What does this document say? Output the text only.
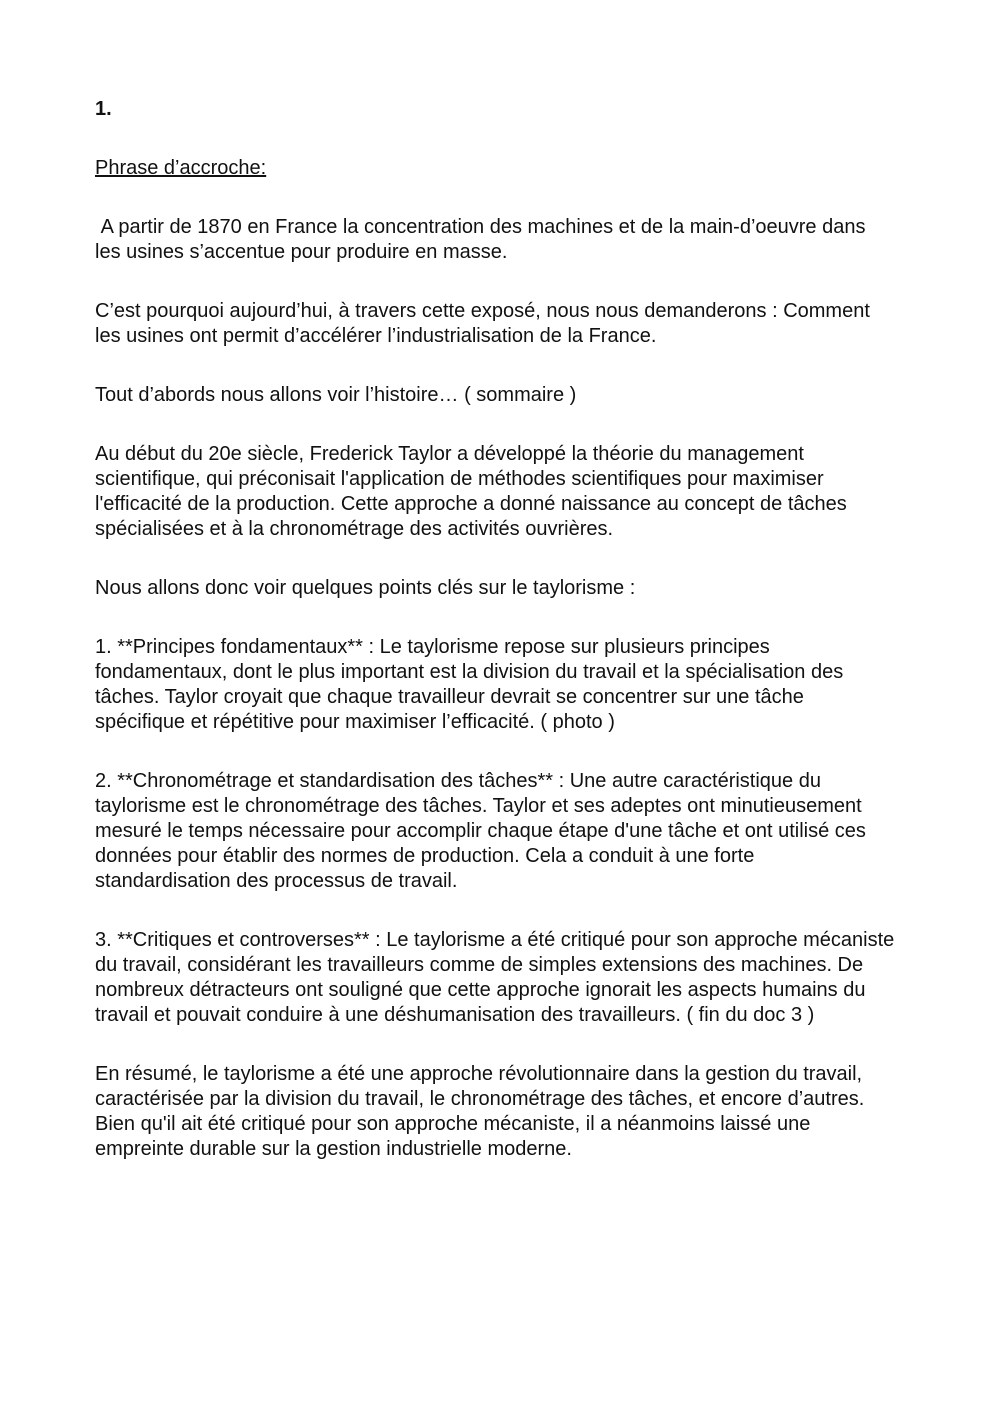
1.
Phrase d’accroche:

A partir de 1870 en France la concentration des machines et de la main-d’oeuvre dans les usines s’accentue pour produire en masse.

C’est pourquoi aujourd’hui, à travers cette exposé, nous nous demanderons : Comment les usines ont permit d’accélérer l’industrialisation de la France.

Tout d’abords nous allons voir l’histoire… ( sommaire )

Au début du 20e siècle, Frederick Taylor a développé la théorie du management scientifique, qui préconisait l'application de méthodes scientifiques pour maximiser l'efficacité de la production. Cette approche a donné naissance au concept de tâches spécialisées et à la chronométrage des activités ouvrières.

Nous allons donc voir quelques points clés sur le taylorisme :

1. **Principes fondamentaux** : Le taylorisme repose sur plusieurs principes fondamentaux, dont le plus important est la division du travail et la spécialisation des tâches. Taylor croyait que chaque travailleur devrait se concentrer sur une tâche spécifique et répétitive pour maximiser l’efficacité. ( photo )

2. **Chronométrage et standardisation des tâches** : Une autre caractéristique du taylorisme est le chronométrage des tâches. Taylor et ses adeptes ont minutieusement mesuré le temps nécessaire pour accomplir chaque étape d'une tâche et ont utilisé ces données pour établir des normes de production. Cela a conduit à une forte standardisation des processus de travail.

3. **Critiques et controverses** : Le taylorisme a été critiqué pour son approche mécaniste du travail, considérant les travailleurs comme de simples extensions des machines. De nombreux détracteurs ont souligné que cette approche ignorait les aspects humains du travail et pouvait conduire à une déshumanisation des travailleurs. ( fin du doc 3 )

En résumé, le taylorisme a été une approche révolutionnaire dans la gestion du travail, caractérisée par la division du travail, le chronométrage des tâches, et encore d’autres. Bien qu'il ait été critiqué pour son approche mécaniste, il a néanmoins laissé une empreinte durable sur la gestion industrielle moderne.
